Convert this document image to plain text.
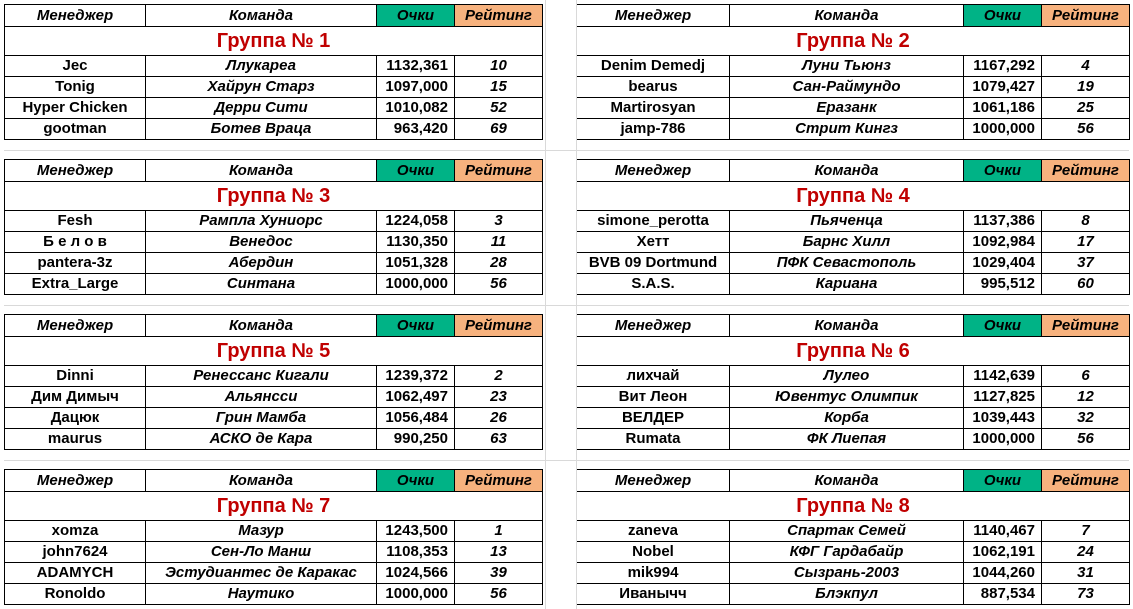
Менеджер	Команда	Очки	Рейтинг
Группа № 1			
Jec	Ллукареа	1132,361	10
Tonig	Хайрун Старз	1097,000	15
Hyper Chicken	Дерри Сити	1010,082	52
gootman	Ботев Враца	963,420	69
Менеджер	Команда	Очки	Рейтинг
Группа № 2			
Denim Demedj	Луни Тьюнз	1167,292	4
bearus	Сан-Раймундо	1079,427	19
Martirosyan	Еразанк	1061,186	25
jamp-786	Стрит Кингз	1000,000	56
Менеджер	Команда	Очки	Рейтинг
Группа № 3			
Fesh	Рампла Хуниорс	1224,058	3
Б е л о в	Венедос	1130,350	11
pantera-3z	Абердин	1051,328	28
Extra_Large	Синтана	1000,000	56
Менеджер	Команда	Очки	Рейтинг
Группа № 4			
simone_perotta	Пьяченца	1137,386	8
Хетт	Барнс Хилл	1092,984	17
BVB 09 Dortmund	ПФК Севастополь	1029,404	37
S.A.S.	Кариана	995,512	60
Менеджер	Команда	Очки	Рейтинг
Группа № 5			
Dinni	Ренессанс Кигали	1239,372	2
Дим Димыч	Альянсси	1062,497	23
Дацюк	Грин Мамба	1056,484	26
maurus	АСКО де Кара	990,250	63
Менеджер	Команда	Очки	Рейтинг
Группа № 6			
лихчай	Лулео	1142,639	6
Вит Леон	Ювентус Олимпик	1127,825	12
ВЕЛДЕР	Корба	1039,443	32
Rumata	ФК Лиепая	1000,000	56
Менеджер	Команда	Очки	Рейтинг
Группа № 7			
xomza	Мазур	1243,500	1
john7624	Сен-Ло Манш	1108,353	13
ADAMYCH	Эстудиантес де Каракас	1024,566	39
Ronoldo	Наутико	1000,000	56
Менеджер	Команда	Очки	Рейтинг
Группа № 8			
zaneva	Спартак Семей	1140,467	7
Nobel	КФГ Гардабайр	1062,191	24
mik994	Сызрань-2003	1044,260	31
Иванычч	Блэкпул	887,534	73
